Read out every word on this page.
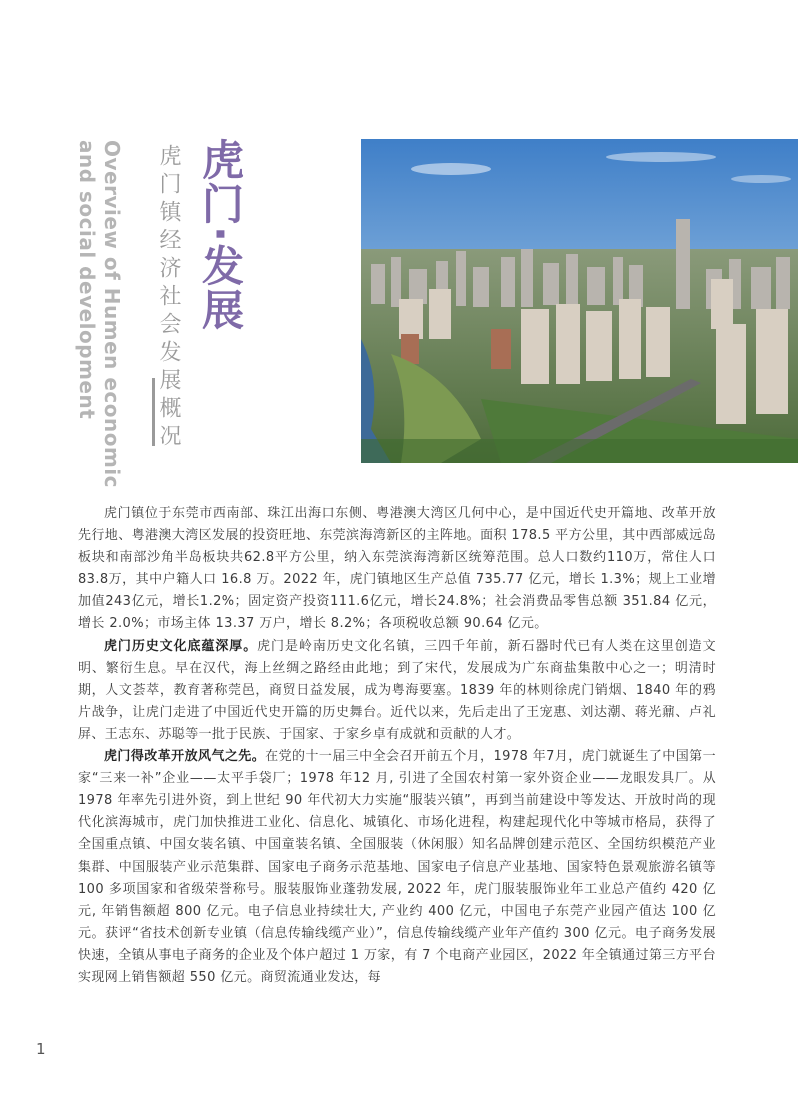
Overview of Humen economic
and social development	虎门镇经济社会发展概况 虎门·发展

虎门镇位于东莞市西南部、珠江出海口东侧、粤港澳大湾区几何中心，是中国近代史开篇地、改革开放先行地、粤港澳大湾区发展的投资旺地、东莞滨海湾新区的主阵地。面积 178.5 平方公里，其中西部威远岛板块和南部沙角半岛板块共62.8平方公里，纳入东莞滨海湾新区统筹范围。总人口数约110万，常住人口83.8万，其中户籍人口 16.8 万。2022 年，虎门镇地区生产总值 735.77 亿元，增长 1.3%；规上工业增加值243亿元，增长1.2%；固定资产投资111.6亿元，增长24.8%；社会消费品零售总额 351.84 亿元，增长 2.0%；市场主体 13.37 万户，增长 8.2%；各项税收总额 90.64 亿元。

虎门历史文化底蕴深厚。虎门是岭南历史文化名镇，三四千年前，新石器时代已有人类在这里创造文明、繁衍生息。早在汉代，海上丝绸之路经由此地；到了宋代，发展成为广东商盐集散中心之一；明清时期，人文荟萃，教育著称莞邑，商贸日益发展，成为粤海要塞。1839 年的林则徐虎门销烟、1840 年的鸦片战争，让虎门走进了中国近代史开篇的历史舞台。近代以来，先后走出了王宠惠、刘达潮、蒋光鼐、卢礼屏、王志东、苏聪等一批于民族、于国家、于家乡卓有成就和贡献的人才。

虎门得改革开放风气之先。在党的十一届三中全会召开前五个月，1978 年7月，虎门就诞生了中国第一家“三来一补”企业——太平手袋厂；1978 年12 月, 引进了全国农村第一家外资企业——龙眼发具厂。从 1978 年率先引进外资，到上世纪 90 年代初大力实施“服装兴镇”，再到当前建设中等发达、开放时尚的现代化滨海城市，虎门加快推进工业化、信息化、城镇化、市场化进程，构建起现代化中等城市格局，获得了全国重点镇、中国女装名镇、中国童装名镇、全国服装（休闲服）知名品牌创建示范区、全国纺织模范产业集群、中国服装产业示范集群、国家电子商务示范基地、国家电子信息产业基地、国家特色景观旅游名镇等 100 多项国家和省级荣誉称号。服装服饰业蓬勃发展, 2022 年，虎门服装服饰业年工业总产值约 420 亿元, 年销售额超 800 亿元。电子信息业持续壮大, 产业约 400 亿元，中国电子东莞产业园产值达 100 亿元。获评“省技术创新专业镇（信息传输线缆产业）”，信息传输线缆产业年产值约 300 亿元。电子商务发展快速，全镇从事电子商务的企业及个体户超过 1 万家，有 7 个电商产业园区，2022 年全镇通过第三方平台实现网上销售额超 550 亿元。商贸流通业发达，每

1
